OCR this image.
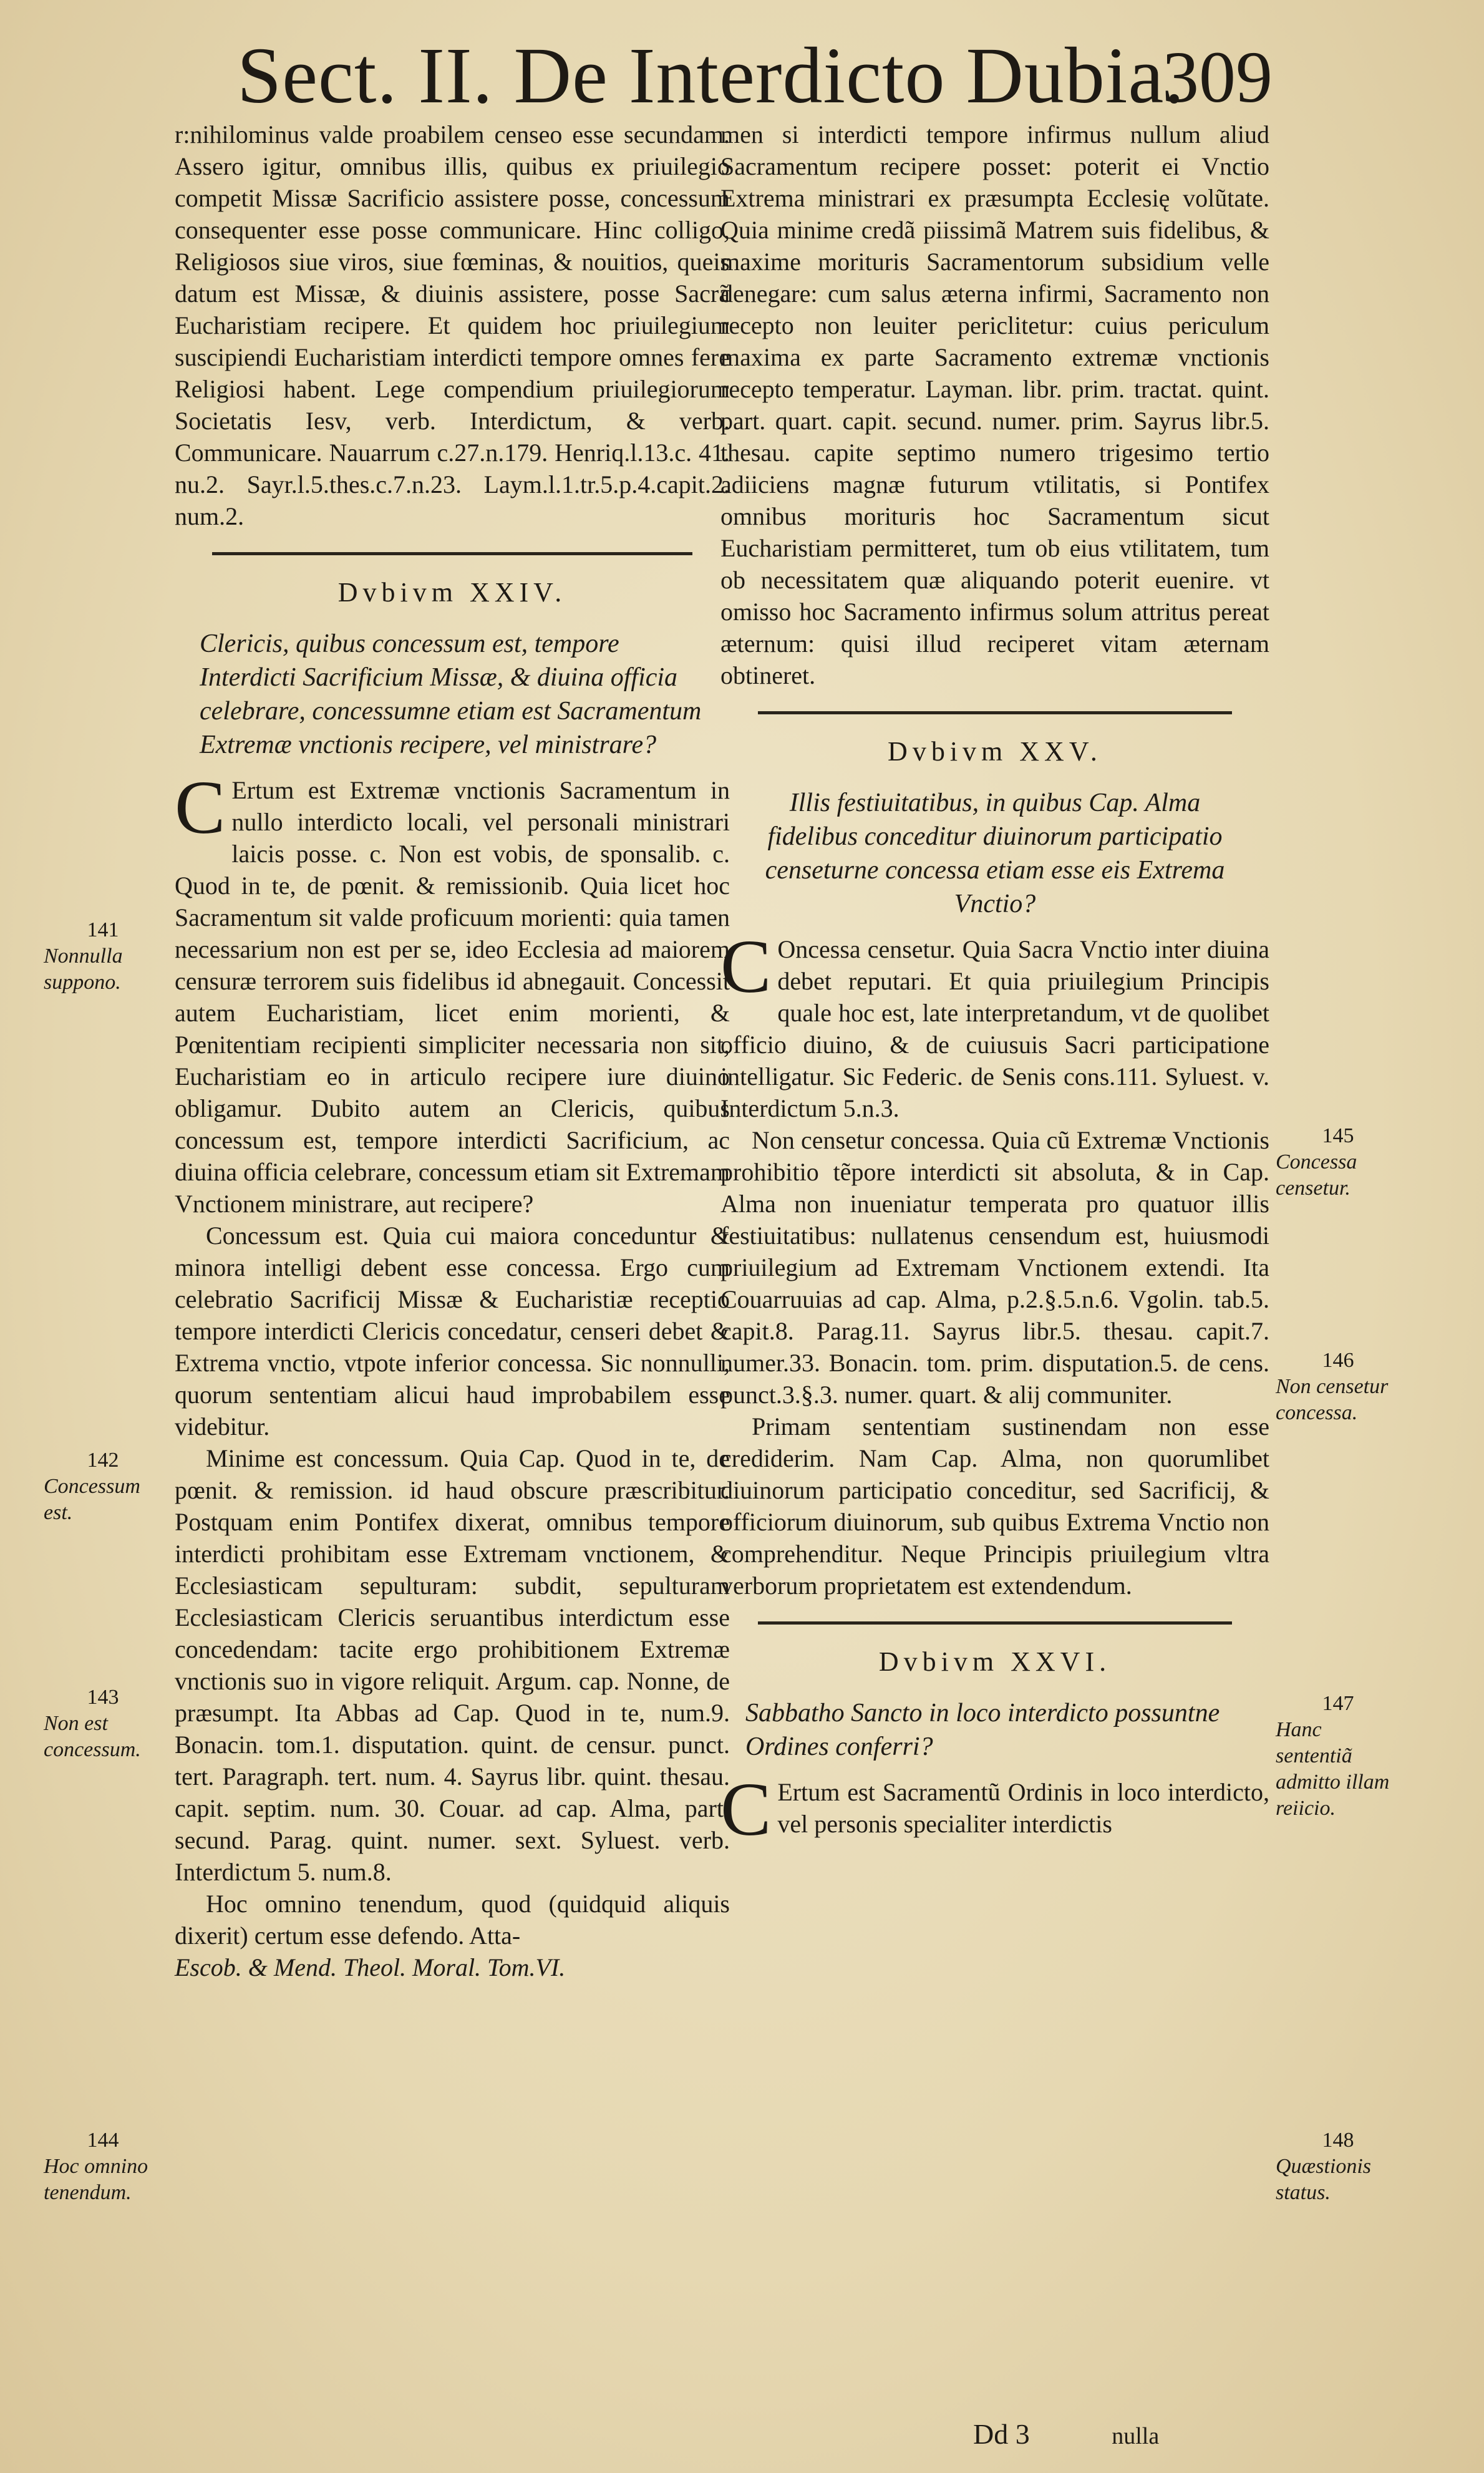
Sect. II. De Interdicto Dubia.
309

r:nihilominus valde proabilem censeo esse secundam. Assero igitur, omnibus illis, quibus ex priuilegio competit Missæ Sacrificio assistere posse, concessum consequenter esse posse communicare. Hinc colligo, Religiosos siue viros, siue fœminas, & nouitios, queis datum est Missæ, & diuinis assistere, posse Sacrã Eucharistiam recipere. Et quidem hoc priuilegium suscipiendi Eucharistiam interdicti tempore omnes fere Religiosi habent. Lege compendium priuilegiorum Societatis Iesv, verb. Interdictum, & verb. Communicare. Nauarrum c.27.n.179. Henriq.l.13.c. 41. nu.2. Sayr.l.5.thes.c.7.n.23. Laym.l.1.tr.5.p.4.capit.2. num.2.

Dvbivm XXIV.
Clericis, quibus concessum est, tempore Interdicti Sacrificium Missæ, & diuina officia celebrare, concessumne etiam est Sacramentum Extremæ vnctionis recipere, vel ministrare?

C Ertum est Extremæ vnctionis Sacramentum in nullo interdicto locali, vel personali ministrari laicis posse. c. Non est vobis, de sponsalib. c. Quod in te, de pœnit. & remissionib. Quia licet hoc Sacramentum sit valde proficuum morienti: quia tamen necessarium non est per se, ideo Ecclesia ad maiorem censuræ terrorem suis fidelibus id abnegauit. Concessit autem Eucharistiam, licet enim morienti, & Pœnitentiam recipienti simpliciter necessaria non sit, Eucharistiam eo in articulo recipere iure diuino obligamur. Dubito autem an Clericis, quibus concessum est, tempore interdicti Sacrificium, ac diuina officia celebrare, concessum etiam sit Extremam Vnctionem ministrare, aut recipere?

Concessum est. Quia cui maiora conceduntur & minora intelligi debent esse concessa. Ergo cum celebratio Sacrificij Missæ & Eucharistiæ receptio tempore interdicti Clericis concedatur, censeri debet & Extrema vnctio, vtpote inferior concessa. Sic nonnulli, quorum sententiam alicui haud improbabilem esse videbitur.

Minime est concessum. Quia Cap. Quod in te, de pœnit. & remission. id haud obscure præscribitur. Postquam enim Pontifex dixerat, omnibus tempore interdicti prohibitam esse Extremam vnctionem, & Ecclesiasticam sepulturam: subdit, sepulturam Ecclesiasticam Clericis seruantibus interdictum esse concedendam: tacite ergo prohibitionem Extremæ vnctionis suo in vigore reliquit. Argum. cap. Nonne, de præsumpt. Ita Abbas ad Cap. Quod in te, num.9. Bonacin. tom.1. disputation. quint. de censur. punct. tert. Paragraph. tert. num. 4. Sayrus libr. quint. thesau. capit. septim. num. 30. Couar. ad cap. Alma, part. secund. Parag. quint. numer. sext. Syluest. verb. Interdictum 5. num.8.

Hoc omnino tenendum, quod (quidquid aliquis dixerit) certum esse defendo. Atta-

Escob. & Mend. Theol. Moral. Tom.VI.

men si interdicti tempore infirmus nullum aliud Sacramentum recipere posset: poterit ei Vnctio Extrema ministrari ex præsumpta Ecclesię volũtate. Quia minime credã piissimã Matrem suis fidelibus, & maxime morituris Sacramentorum subsidium velle denegare: cum salus æterna infirmi, Sacramento non recepto non leuiter periclitetur: cuius periculum maxima ex parte Sacramento extremæ vnctionis recepto temperatur. Layman. libr. prim. tractat. quint. part. quart. capit. secund. numer. prim. Sayrus libr.5. thesau. capite septimo numero trigesimo tertio adiiciens magnæ futurum vtilitatis, si Pontifex omnibus morituris hoc Sacramentum sicut Eucharistiam permitteret, tum ob eius vtilitatem, tum ob necessitatem quæ aliquando poterit euenire. vt omisso hoc Sacramento infirmus solum attritus pereat æternum: quisi illud reciperet vitam æternam obtineret.

Dvbivm XXV.
Illis festiuitatibus, in quibus Cap. Alma fidelibus conceditur diuinorum participatio censeturne concessa etiam esse eis Extrema Vnctio?

C Oncessa censetur. Quia Sacra Vnctio inter diuina debet reputari. Et quia priuilegium Principis quale hoc est, late interpretandum, vt de quolibet officio diuino, & de cuiusuis Sacri participatione intelligatur. Sic Federic. de Senis cons.111. Syluest. v. Interdictum 5.n.3.

Non censetur concessa. Quia cũ Extremæ Vnctionis prohibitio tẽpore interdicti sit absoluta, & in Cap. Alma non inueniatur temperata pro quatuor illis festiuitatibus: nullatenus censendum est, huiusmodi priuilegium ad Extremam Vnctionem extendi. Ita Couarruuias ad cap. Alma, p.2.§.5.n.6. Vgolin. tab.5. capit.8. Parag.11. Sayrus libr.5. thesau. capit.7. numer.33. Bonacin. tom. prim. disputation.5. de cens. punct.3.§.3. numer. quart. & alij communiter.

Primam sententiam sustinendam non esse crediderim. Nam Cap. Alma, non quorumlibet diuinorum participatio conceditur, sed Sacrificij, & officiorum diuinorum, sub quibus Extrema Vnctio non comprehenditur. Neque Principis priuilegium vltra verborum proprietatem est extendendum.

Dvbivm XXVI.
Sabbatho Sancto in loco interdicto possuntne Ordines conferri?

C Ertum est Sacramentũ Ordinis in loco interdicto, vel personis specialiter interdictis

141
Nonnulla suppono.
142
Concessum est.
143
Non est concessum.
144
Hoc omnino tenendum.
145
Concessa censetur.
146
Non censetur concessa.
147
Hanc sententiã admitto illam reiicio.
148
Quæstionis status.
Dd 3	nulla
